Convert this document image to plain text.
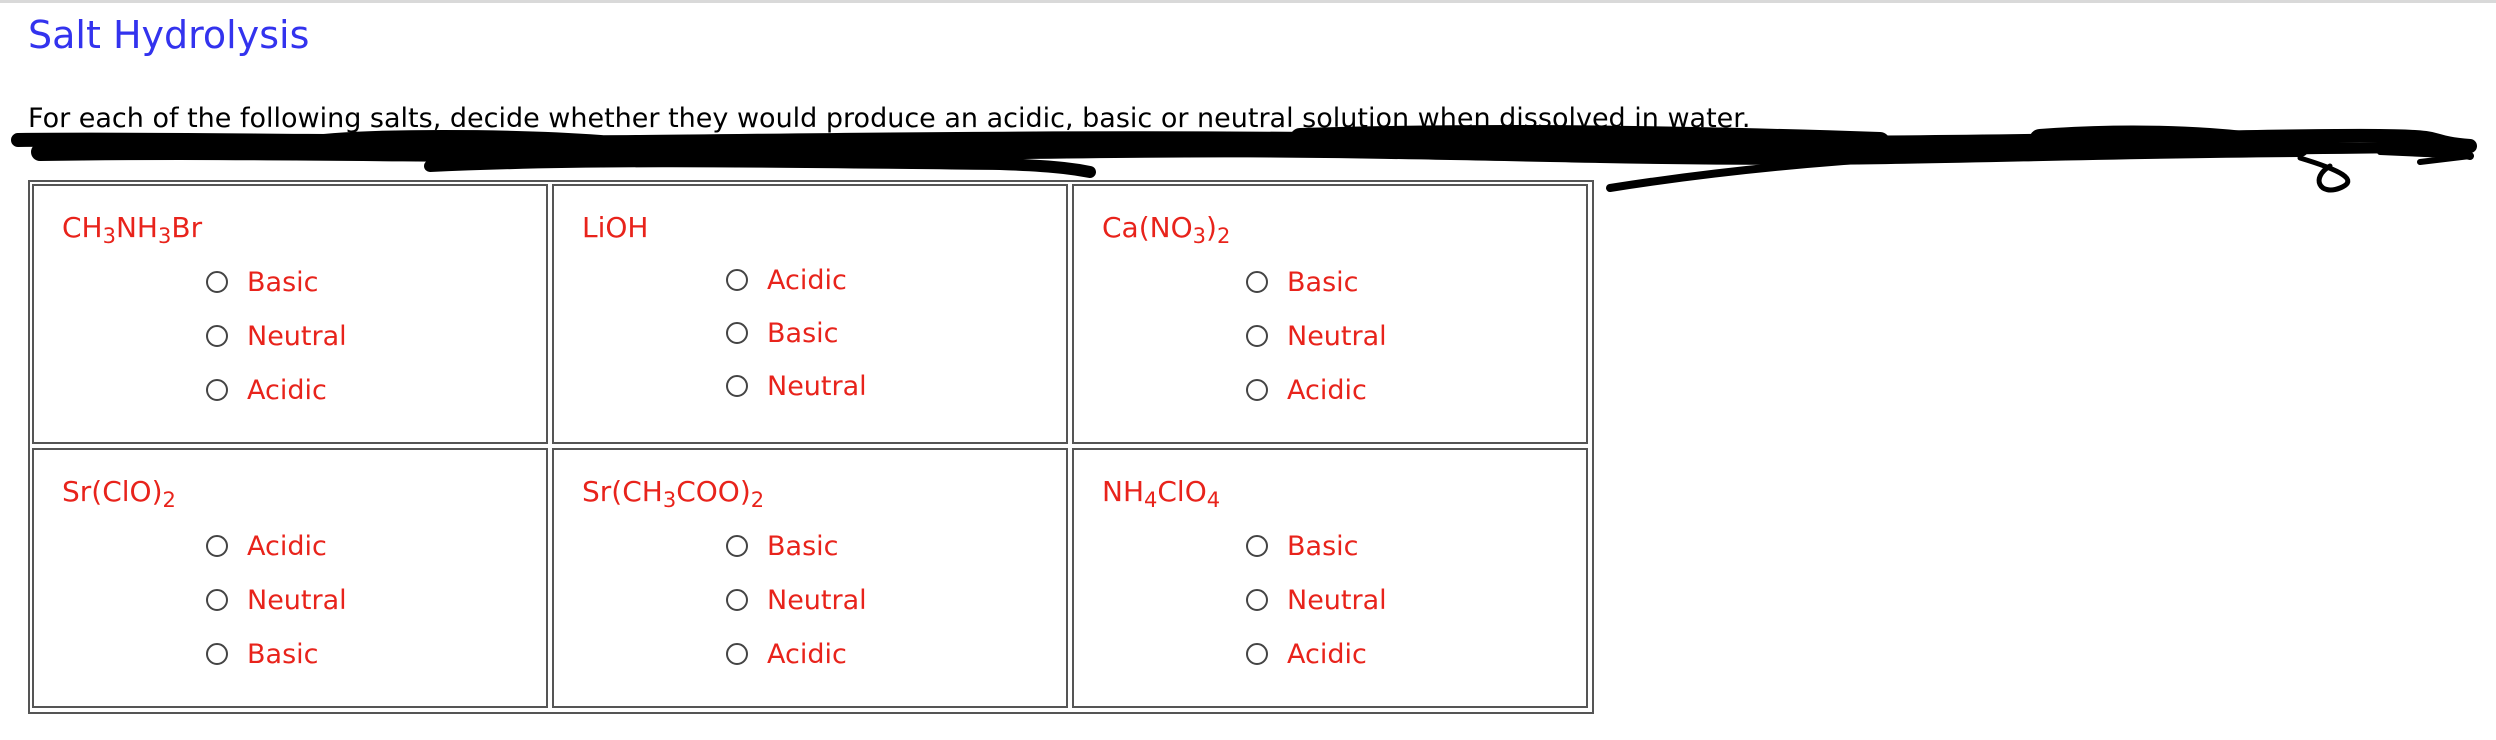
Salt Hydrolysis
For each of the following salts, decide whether they would produce an acidic, basic or neutral solution when dissolved in water.
$CH_3NH_3Br$
Basic
Neutral
Acidic
LiOH
Acidic
Basic
Neutral
$Ca(NO_3)_2$
Basic
Neutral
Acidic
$Sr(ClO)_2$
Acidic
Neutral
Basic
$Sr(CH_3COO)_2$
Basic
Neutral
Acidic
$NH_4ClO_4$
Basic
Neutral
Acidic
